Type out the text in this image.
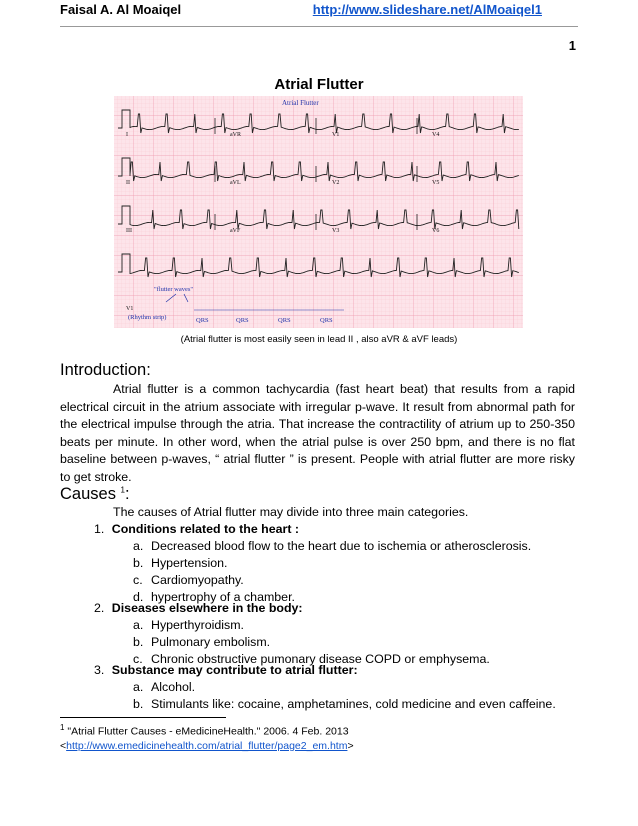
Faisal A. Al Moaiqel	http://www.slideshare.net/AlMoaiqel1
1
Atrial Flutter
Atrial Flutter
I	aVR	V1	V4
II	aVL	V2	V5
III	aVF	V3	V6
V1
"flutter waves"
(Rhythm strip)	QRS	QRS	QRS	QRS
(Atrial flutter is most easily seen in lead II , also aVR & aVF leads)
Introduction:
Atrial flutter is a common tachycardia (fast heart beat) that results from a rapid electrical circuit in the atrium associate with irregular p-wave. It result from abnormal path for the electrical impulse through the atria. That increase the contractility of atrium up to 250-350 beats per minute. In other word, when the atrial pulse is over 250 bpm, and there is no flat baseline between p-waves, “ atrial flutter ” is present. People with atrial flutter are more risky to get stroke.
Causes $^1$:
The causes of Atrial flutter may divide into three main categories.
1. Conditions related to the heart :
a. Decreased blood flow to the heart due to ischemia or atherosclerosis.
b. Hypertension.
c. Cardiomyopathy.
d. hypertrophy of a chamber.
2. Diseases elsewhere in the body:
a. Hyperthyroidism.
b. Pulmonary embolism.
c. Chronic obstructive pumonary disease COPD or emphysema.
3. Substance may contribute to atrial flutter:
a. Alcohol.
b. Stimulants like: cocaine, amphetamines, cold medicine and even caffeine.
$^1$ "Atrial Flutter Causes - eMedicineHealth." 2006. 4 Feb. 2013
<http://www.emedicinehealth.com/atrial_flutter/page2_em.htm>
